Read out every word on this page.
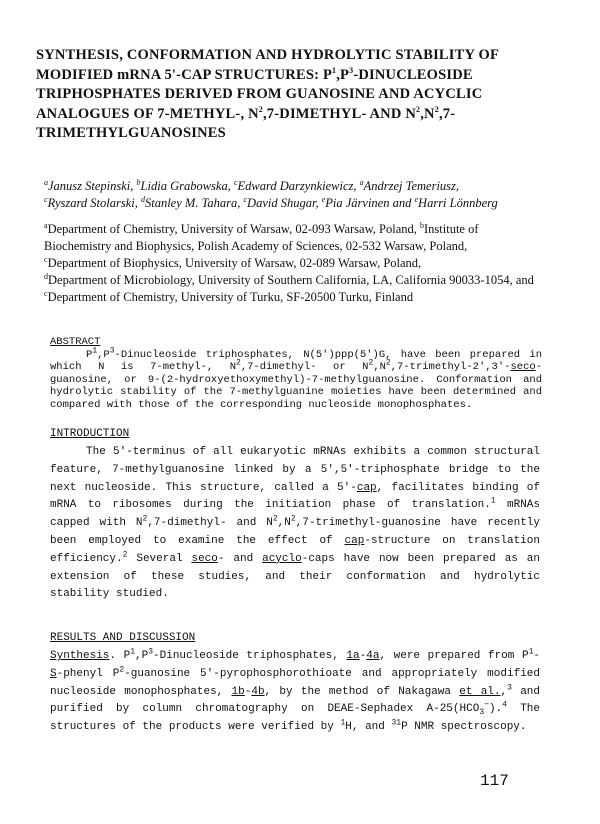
SYNTHESIS, CONFORMATION AND HYDROLYTIC STABILITY OF MODIFIED mRNA 5'-CAP STRUCTURES: $P^1,P^3$-DINUCLEOSIDE TRIPHOSPHATES DERIVED FROM GUANOSINE AND ACYCLIC ANALOGUES OF 7-METHYL-, $N^2,7-DIMETHYL-$ AND $N^2,N^2,7$-TRIMETHYLGUANOSINES
$^a$Janusz Stepinski, $^b$Lidia Grabowska, $^c$Edward Darzynkiewicz, $^a$Andrzej Temeriusz,
$^c$Ryszard Stolarski, $^d$Stanley M. Tahara, $^c$David Shugar, $^e$Pia Järvinen and $^e$Harri Lönnberg
$^a$Department of Chemistry, University of Warsaw, 02-093 Warsaw, Poland, $^b$Institute of Biochemistry and Biophysics, Polish Academy of Sciences, 02-532 Warsaw, Poland,
$^c$Department of Biophysics, University of Warsaw, 02-089 Warsaw, Poland,
$^d$Department of Microbiology, University of Southern California, LA, California 90033-1054, and $^c$Department of Chemistry, University of Turku, SF-20500 Turku, Finland
ABSTRACT
$P^1,P^3$-Dinucleoside triphosphates, N(5')ppp(5')G, have been prepared in which N is 7-methyl-, $N^2,7-dimethyl-$ or $N^2,N^2,7-trimethyl-2',3'-\sec o$-guanosine, or 9-(2-hydroxyethoxymethyl)-7-methylguanosine. Conformation and hydrolytic stability of the 7-methylguanine moieties have been determined and compared with those of the corresponding nucleoside monophosphates.
INTRODUCTION
The 5'-terminus of all eukaryotic mRNAs exhibits a common structural feature, 7-methylguanosine linked by a 5',5'-triphosphate bridge to the next nucleoside. This structure, called a 5'-cap, facilitates binding of mRNA to ribosomes during the initiation phase of translation.$^1$ mRNAs capped with $N^2,7-dimethyl-$ and $N^2,N^2,7-trimethyl$-guanosine have recently been employed to examine the effect of cap-structure on translation efficiency.$^2$ Several seco- and acyclo-caps have now been prepared as an extension of these studies, and their conformation and hydrolytic stability studied.
RESULTS AND DISCUSSION
Synthesis. $P^1,P^3$-Dinucleoside triphosphates, 1a-4a, were prepared from $P^1-S$-phenyl $P^2$-guanosine 5'-pyrophosphorothioate and appropriately modified nucleoside monophosphates, 1b-4b, by the method of Nakagawa et al.,$^3$ and purified by column chromatography on DEAE-Sephadex $A-25(HCO_3^-).^4$ The structures of the products were verified by $^1$H, and $^{31}$P NMR spectroscopy.
117
